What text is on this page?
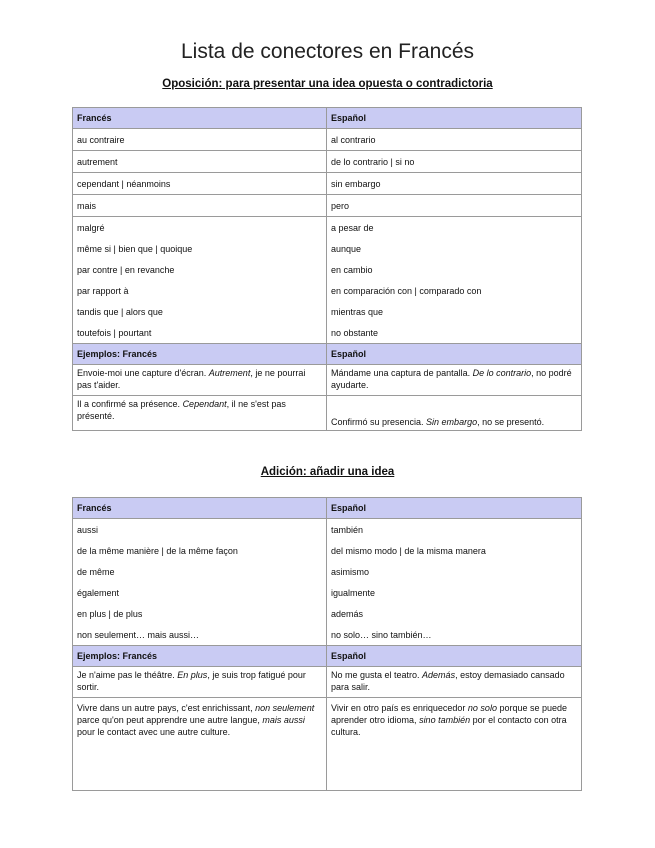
Lista de conectores en Francés
Oposición: para presentar una idea opuesta o contradictoria
Francés	Español
au contraire	al contrario
autrement	de lo contrario | si no
cependant | néanmoins	sin embargo
mais	pero
malgré	a pesar de
même si | bien que | quoique	aunque
par contre | en revanche	en cambio
par rapport à	en comparación con | comparado con
tandis que | alors que	mientras que
toutefois | pourtant	no obstante
Ejemplos: Francés	Español
Envoie-moi une capture d'écran. Autrement, je ne pourrai pas t'aider.	Mándame una captura de pantalla. De lo contrario, no podré ayudarte.
Il a confirmé sa présence. Cependant, il ne s'est pas présenté.	Confirmó su presencia. Sin embargo, no se presentó.
Adición: añadir una idea
Francés	Español
aussi	también
de la même manière | de la même façon	del mismo modo | de la misma manera
de même	asimismo
également	igualmente
en plus | de plus	además
non seulement… mais aussi…	no solo… sino también…
Ejemplos: Francés	Español
Je n'aime pas le théâtre. En plus, je suis trop fatigué pour sortir.	No me gusta el teatro. Además, estoy demasiado cansado para salir.
Vivre dans un autre pays, c'est enrichissant, non seulement parce qu'on peut apprendre une autre langue, mais aussi pour le contact avec une autre culture.	Vivir en otro país es enriquecedor no solo porque se puede aprender otro idioma, sino también por el contacto con otra cultura.
